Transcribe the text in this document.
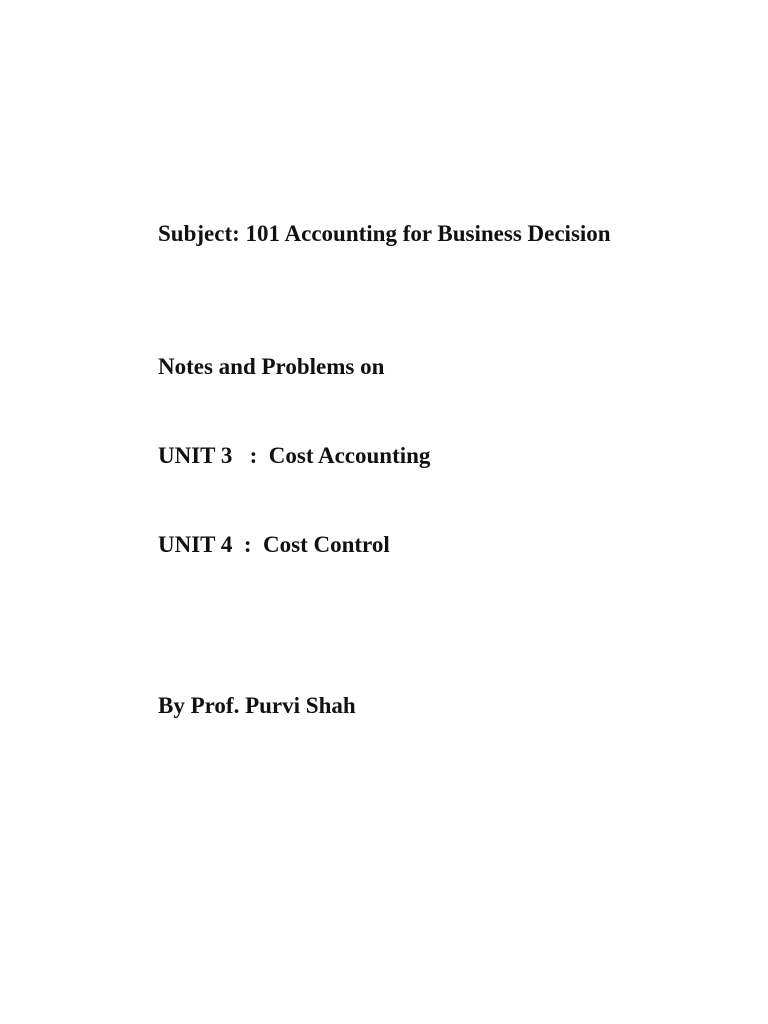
Subject: 101 Accounting for Business Decision

Notes and Problems on

UNIT 3   :  Cost Accounting

UNIT 4  :  Cost Control

By Prof. Purvi Shah
